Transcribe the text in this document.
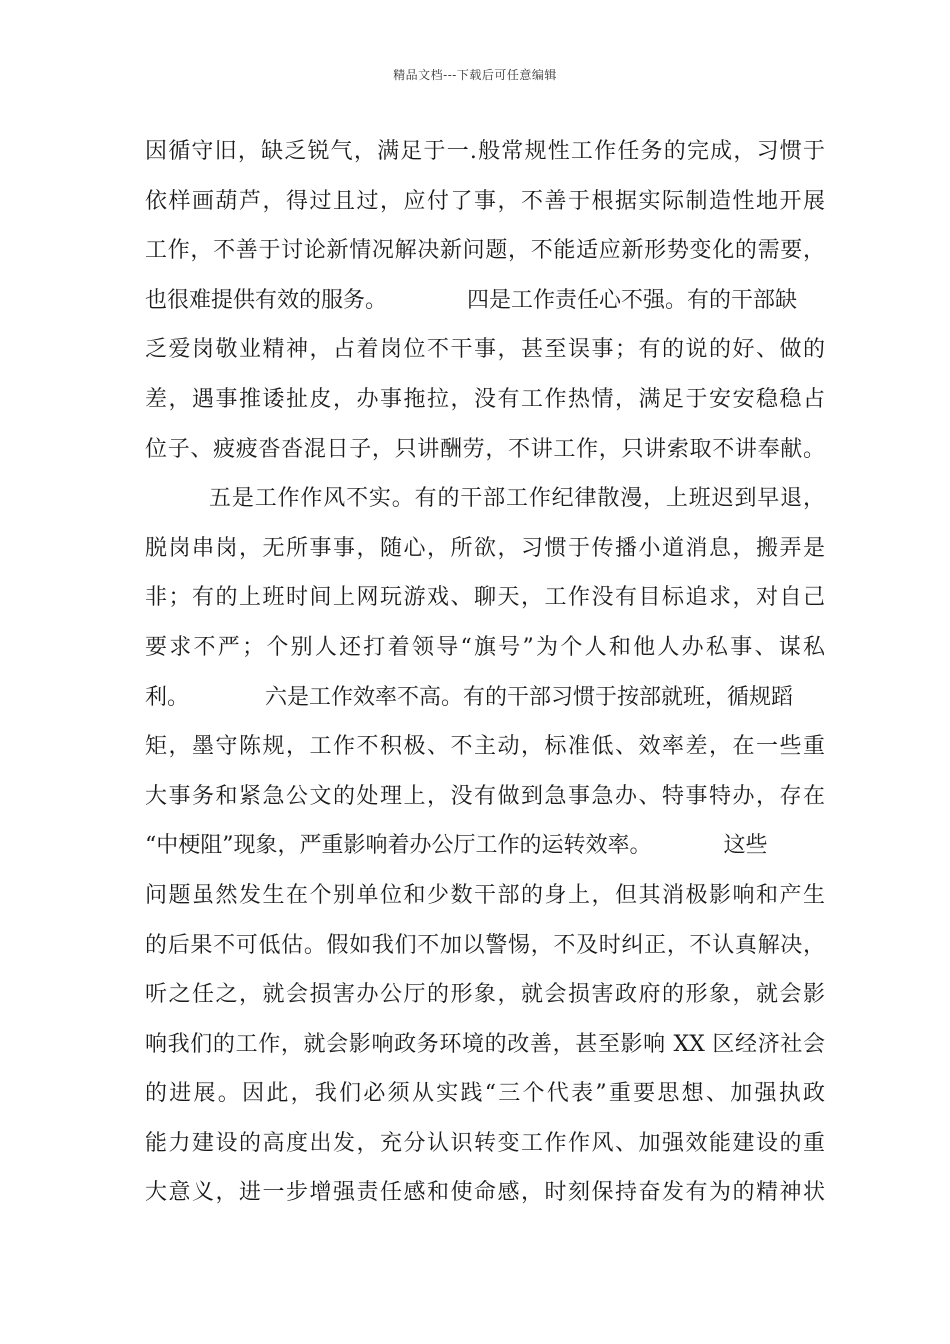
精品文档---下载后可任意编辑
因循守旧，缺乏锐气，满足于一.般常规性工作任务的完成，习惯于
依样画葫芦，得过且过，应付了事，不善于根据实际制造性地开展
工作，不善于讨论新情况解决新问题，不能适应新形势变化的需要，
也很难提供有效的服务。	四是工作责任心不强。有的干部缺
乏爱岗敬业精神，占着岗位不干事，甚至误事；有的说的好、做的
差，遇事推诿扯皮，办事拖拉，没有工作热情，满足于安安稳稳占
位子、疲疲沓沓混日子，只讲酬劳，不讲工作，只讲索取不讲奉献。
五是工作作风不实。有的干部工作纪律散漫，上班迟到早退，
脱岗串岗，无所事事，随心，所欲，习惯于传播小道消息，搬弄是
非；有的上班时间上网玩游戏、聊天，工作没有目标追求，对自己
要求不严；个别人还打着领导“旗号”为个人和他人办私事、谋私
利。	六是工作效率不高。有的干部习惯于按部就班，循规蹈
矩，墨守陈规，工作不积极、不主动，标准低、效率差，在一些重
大事务和紧急公文的处理上，没有做到急事急办、特事特办，存在
“中梗阻”现象，严重影响着办公厅工作的运转效率。	这些
问题虽然发生在个别单位和少数干部的身上，但其消极影响和产生
的后果不可低估。假如我们不加以警惕，不及时纠正，不认真解决，
听之任之，就会损害办公厅的形象，就会损害政府的形象，就会影
响我们的工作，就会影响政务环境的改善，甚至影响 XX 区经济社会
的进展。因此，我们必须从实践“三个代表”重要思想、加强执政
能力建设的高度出发，充分认识转变工作作风、加强效能建设的重
大意义，进一步增强责任感和使命感，时刻保持奋发有为的精神状
